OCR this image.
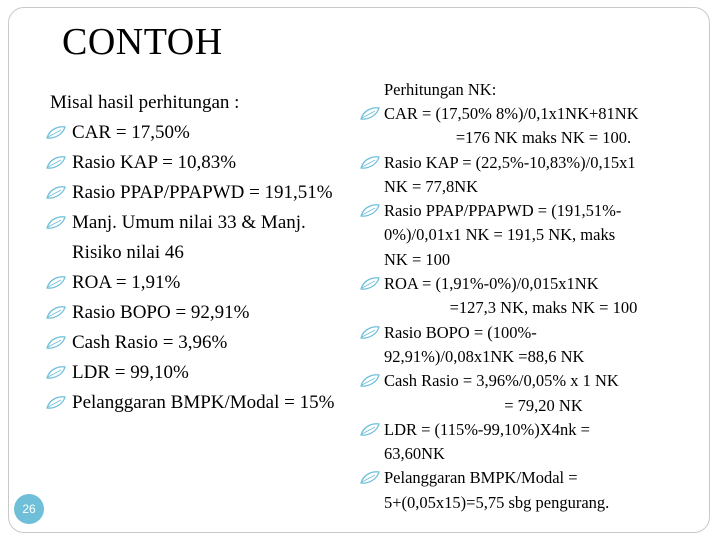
CONTOH
Misal hasil perhitungan :
CAR = 17,50%
Rasio KAP = 10,83%
Rasio PPAP/PPAPWD = 191,51%
Manj. Umum nilai 33 & Manj. Risiko nilai 46
ROA = 1,91%
Rasio BOPO = 92,91%
Cash Rasio = 3,96%
LDR = 99,10%
Pelanggaran BMPK/Modal = 15%
Perhitungan NK:
CAR = (17,50% 8%)/0,1x1NK+81NK
=176 NK maks NK = 100.
Rasio KAP = (22,5%-10,83%)/0,15x1
NK = 77,8NK
Rasio PPAP/PPAPWD = (191,51%-
0%)/0,01x1 NK = 191,5 NK, maks
NK = 100
ROA = (1,91%-0%)/0,015x1NK
=127,3 NK, maks NK = 100
Rasio BOPO = (100%-
92,91%)/0,08x1NK =88,6 NK
Cash Rasio = 3,96%/0,05% x 1 NK
= 79,20 NK
LDR = (115%-99,10%)X4nk =
63,60NK
Pelanggaran BMPK/Modal =
5+(0,05x15)=5,75 sbg pengurang.
26
